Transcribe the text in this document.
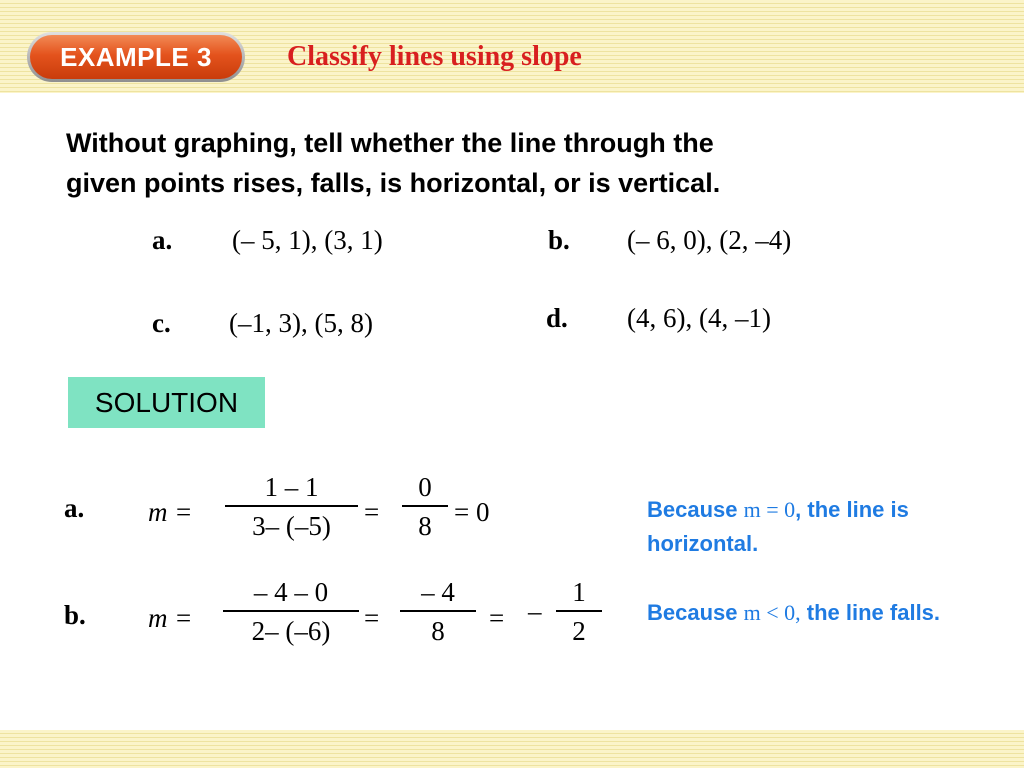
EXAMPLE 3	Classify lines using slope
Without graphing, tell whether the line through the
given points rises, falls, is horizontal, or is vertical.
a. (– 5, 1), (3, 1)	b. (– 6, 0), (2, –4)
c. (–1, 3), (5, 8)	d. (4, 6), (4, –1)
SOLUTION
a. m =
1 – 1
3– (–5)	=
0
8 = 0	Because m = 0, the line is horizontal.
b. m =
– 4 – 0
2– (–6)	=
– 4
8	= –
1
2
Because m < 0, the line falls.
